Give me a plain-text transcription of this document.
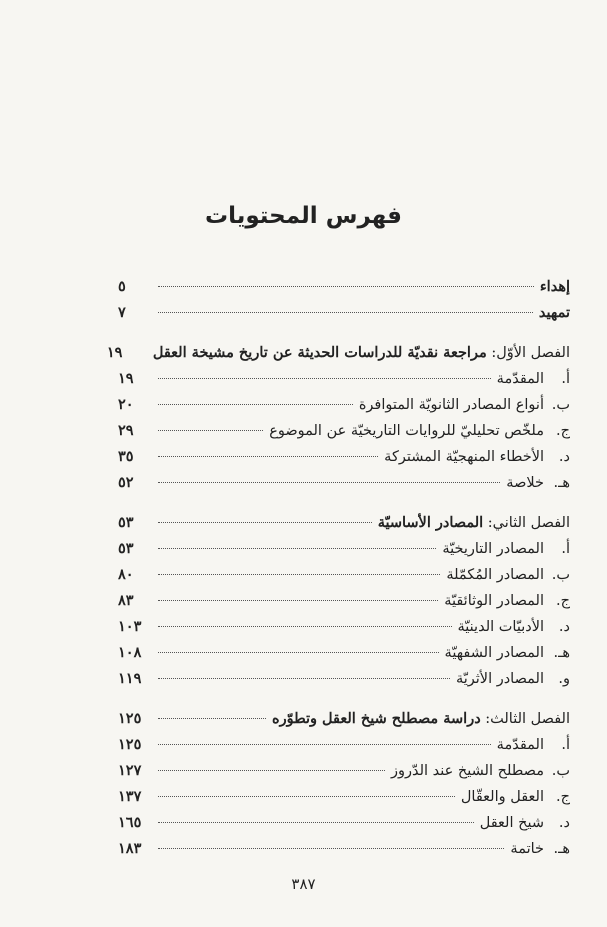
فهرس المحتويات
إهداء
٥
تمهيد
٧
الفصل الأوّل: مراجعة نقديّة للدراسات الحديثة عن تاريخ مشيخة العقل
١٩
أ.
المقدّمة
١٩
ب.
أنواع المصادر الثانويّة المتوافرة
٢٠
ج.
ملخّص تحليليّ للروايات التاريخيّة عن الموضوع
٢٩
د.
الأخطاء المنهجيّة المشتركة
٣٥
هـ.
خلاصة
٥٢
الفصل الثاني: المصادر الأساسيّة
٥٣
أ.
المصادر التاريخيّة
٥٣
ب.
المصادر المُكمّلة
٨٠
ج.
المصادر الوثائقيّة
٨٣
د.
الأدبيّات الدينيّة
١٠٣
هـ.
المصادر الشفهيّة
١٠٨
و.
المصادر الأثريّة
١١٩
الفصل الثالث: دراسة مصطلح شيخ العقل وتطوّره
١٢٥
أ.
المقدّمة
١٢٥
ب.
مصطلح الشيخ عند الدّروز
١٢٧
ج.
العقل والعقّال
١٣٧
د.
شيخ العقل
١٦٥
هـ.
خاتمة
١٨٣
٣٨٧
